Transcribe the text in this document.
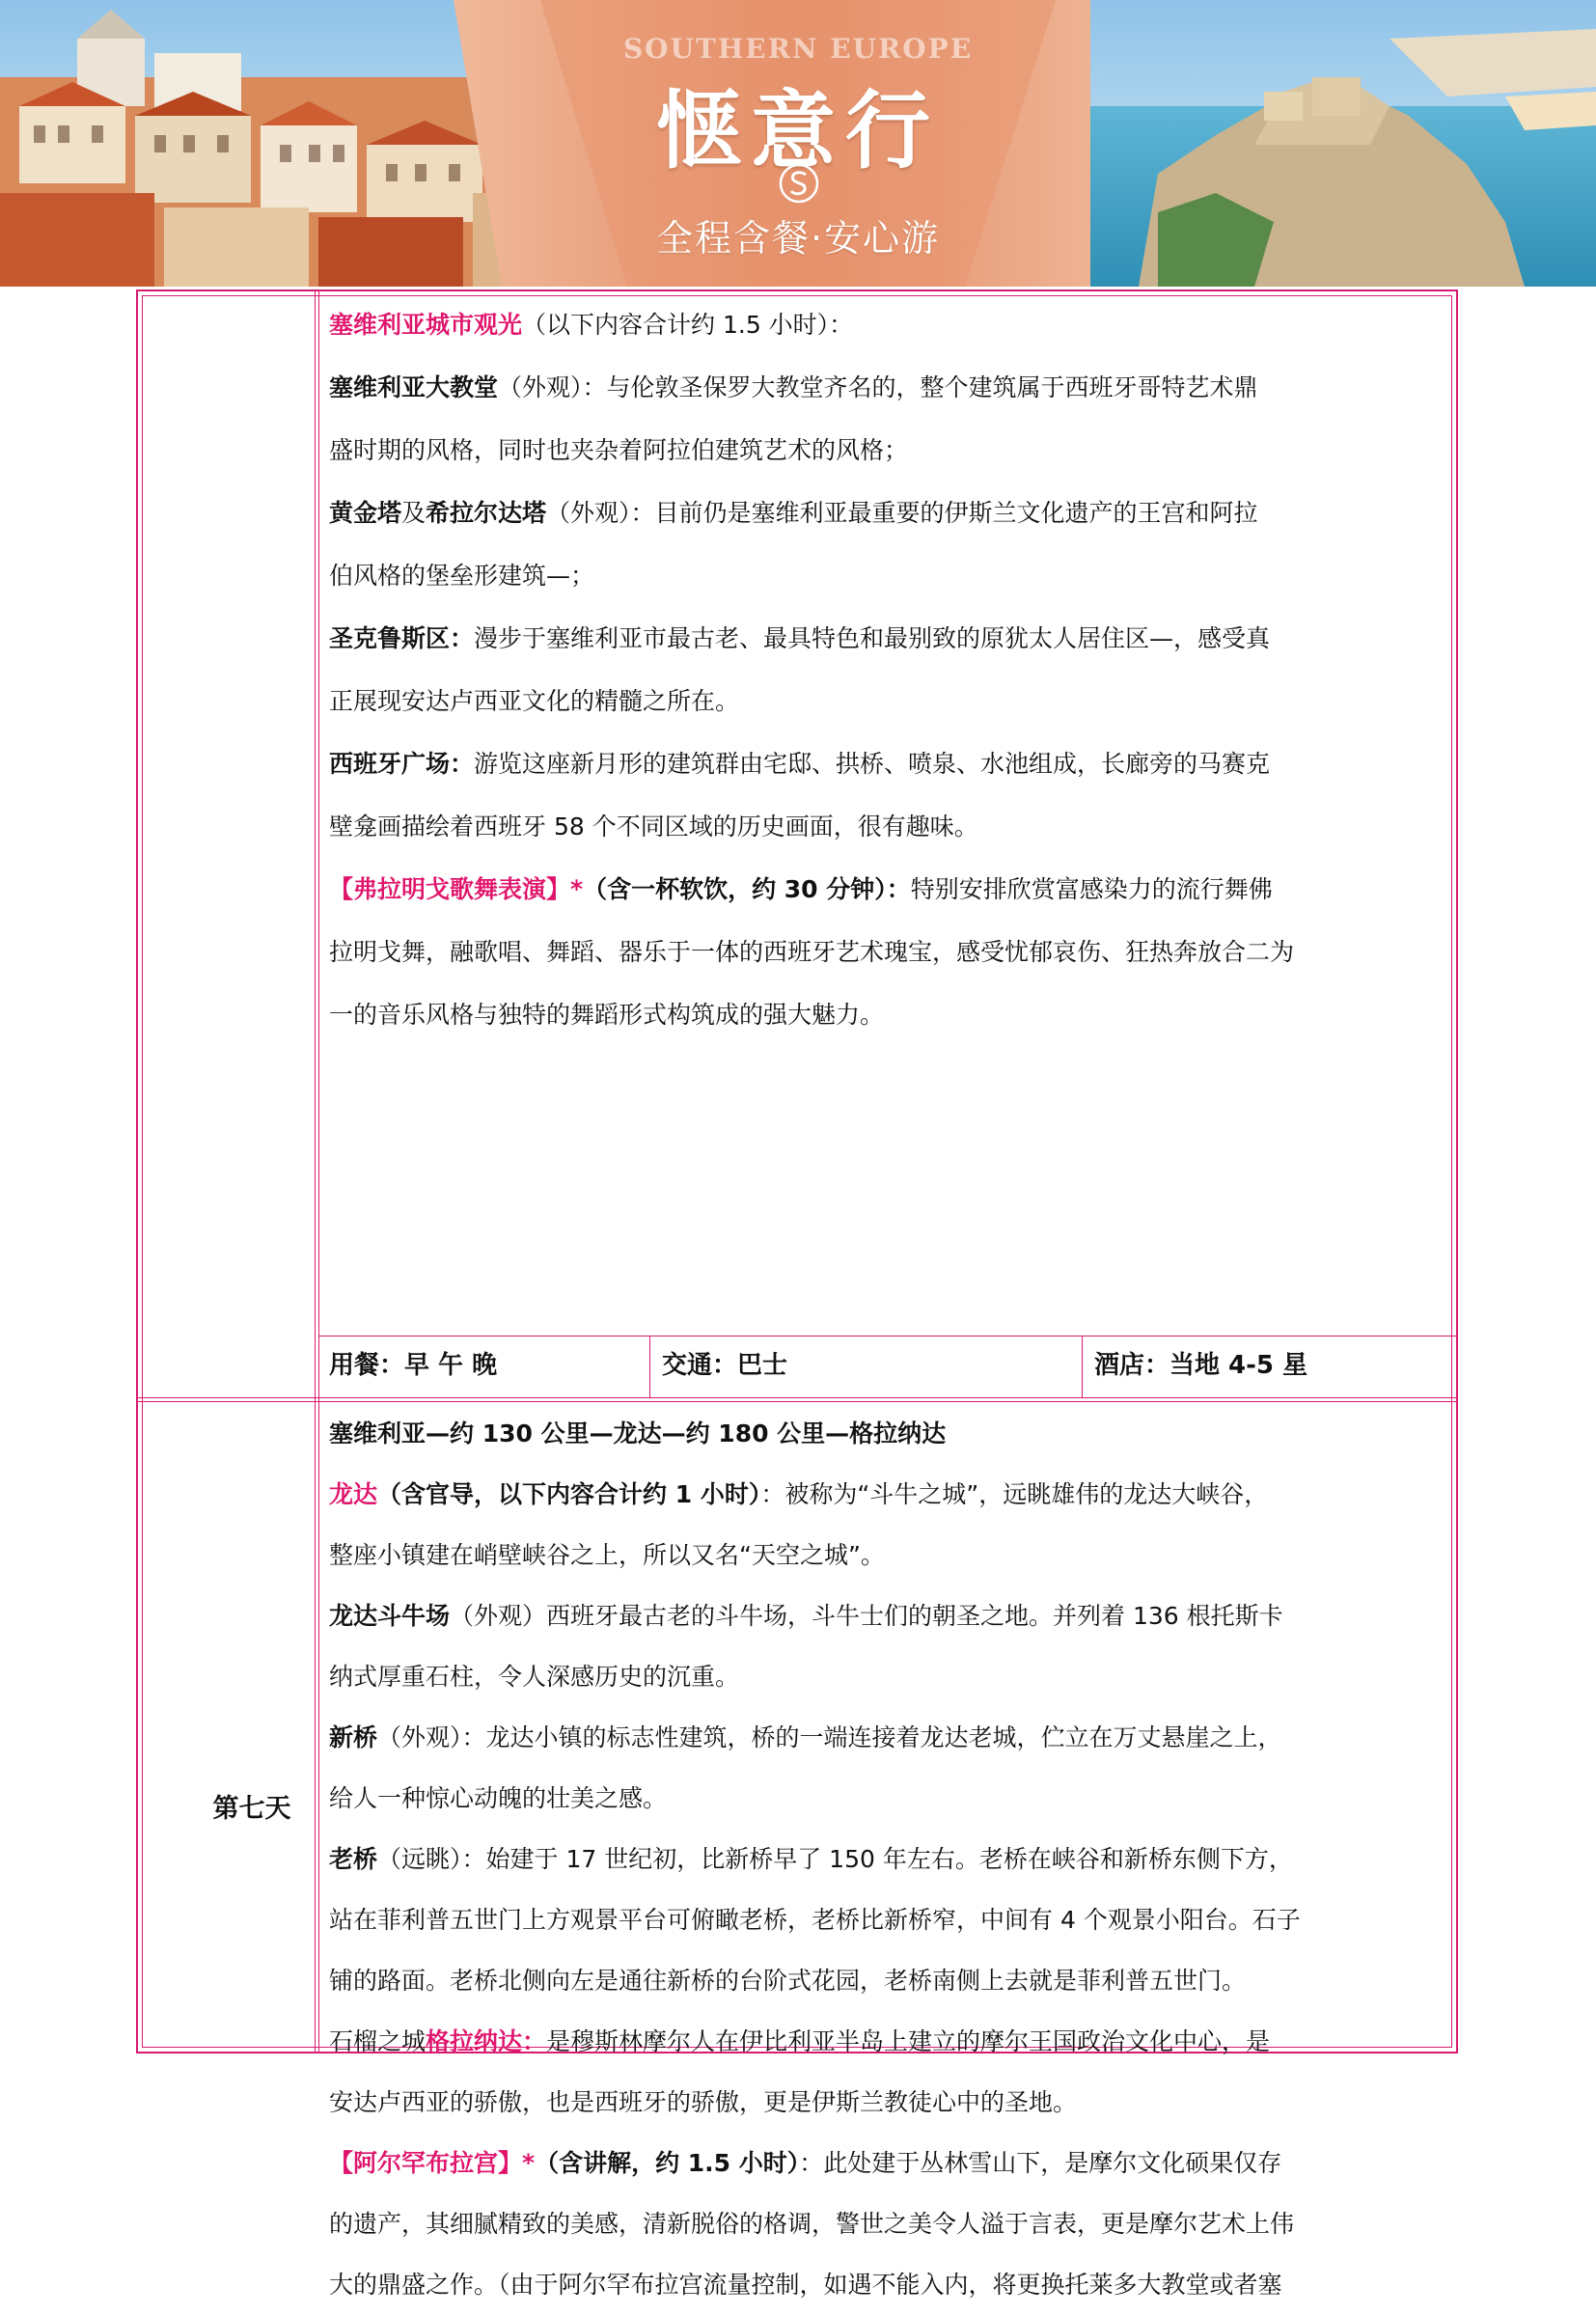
SOUTHERN EUROPE
惬意行
全程含餐·安心游

塞维利亚城市观光（以下内容合计约 1.5 小时）：

塞维利亚大教堂（外观）：与伦敦圣保罗大教堂齐名的，整个建筑属于西班牙哥特艺术鼎

盛时期的风格，同时也夹杂着阿拉伯建筑艺术的风格；

黄金塔及希拉尔达塔（外观）：目前仍是塞维利亚最重要的伊斯兰文化遗产的王宫和阿拉

伯风格的堡垒形建筑—；

圣克鲁斯区：漫步于塞维利亚市最古老、最具特色和最别致的原犹太人居住区—，感受真

正展现安达卢西亚文化的精髓之所在。

西班牙广场：游览这座新月形的建筑群由宅邸、拱桥、喷泉、水池组成，长廊旁的马赛克

壁龛画描绘着西班牙 58 个不同区域的历史画面，很有趣味。

【弗拉明戈歌舞表演】*（含一杯软饮，约 30 分钟）：特别安排欣赏富感染力的流行舞佛

拉明戈舞，融歌唱、舞蹈、器乐于一体的西班牙艺术瑰宝，感受忧郁哀伤、狂热奔放合二为

一的音乐风格与独特的舞蹈形式构筑成的强大魅力。

用餐：早 午 晚	交通：巴士	酒店：当地 4-5 星
第七天

塞维利亚—约 130 公里—龙达—约 180 公里—格拉纳达

龙达（含官导，以下内容合计约 1 小时）：被称为“斗牛之城”，远眺雄伟的龙达大峡谷，

整座小镇建在峭壁峡谷之上，所以又名“天空之城”。

龙达斗牛场（外观）西班牙最古老的斗牛场，斗牛士们的朝圣之地。并列着 136 根托斯卡

纳式厚重石柱，令人深感历史的沉重。

新桥（外观）：龙达小镇的标志性建筑，桥的一端连接着龙达老城，伫立在万丈悬崖之上，

给人一种惊心动魄的壮美之感。

老桥（远眺）：始建于 17 世纪初，比新桥早了 150 年左右。老桥在峡谷和新桥东侧下方，

站在菲利普五世门上方观景平台可俯瞰老桥，老桥比新桥窄，中间有 4 个观景小阳台。石子

铺的路面。老桥北侧向左是通往新桥的台阶式花园，老桥南侧上去就是菲利普五世门。

石榴之城格拉纳达：是穆斯林摩尔人在伊比利亚半岛上建立的摩尔王国政治文化中心，是

安达卢西亚的骄傲，也是西班牙的骄傲，更是伊斯兰教徒心中的圣地。

【阿尔罕布拉宫】*（含讲解，约 1.5 小时）：此处建于丛林雪山下，是摩尔文化硕果仅存

的遗产，其细腻精致的美感，清新脱俗的格调，警世之美令人溢于言表，更是摩尔艺术上伟

大的鼎盛之作。（由于阿尔罕布拉宫流量控制，如遇不能入内，将更换托莱多大教堂或者塞
